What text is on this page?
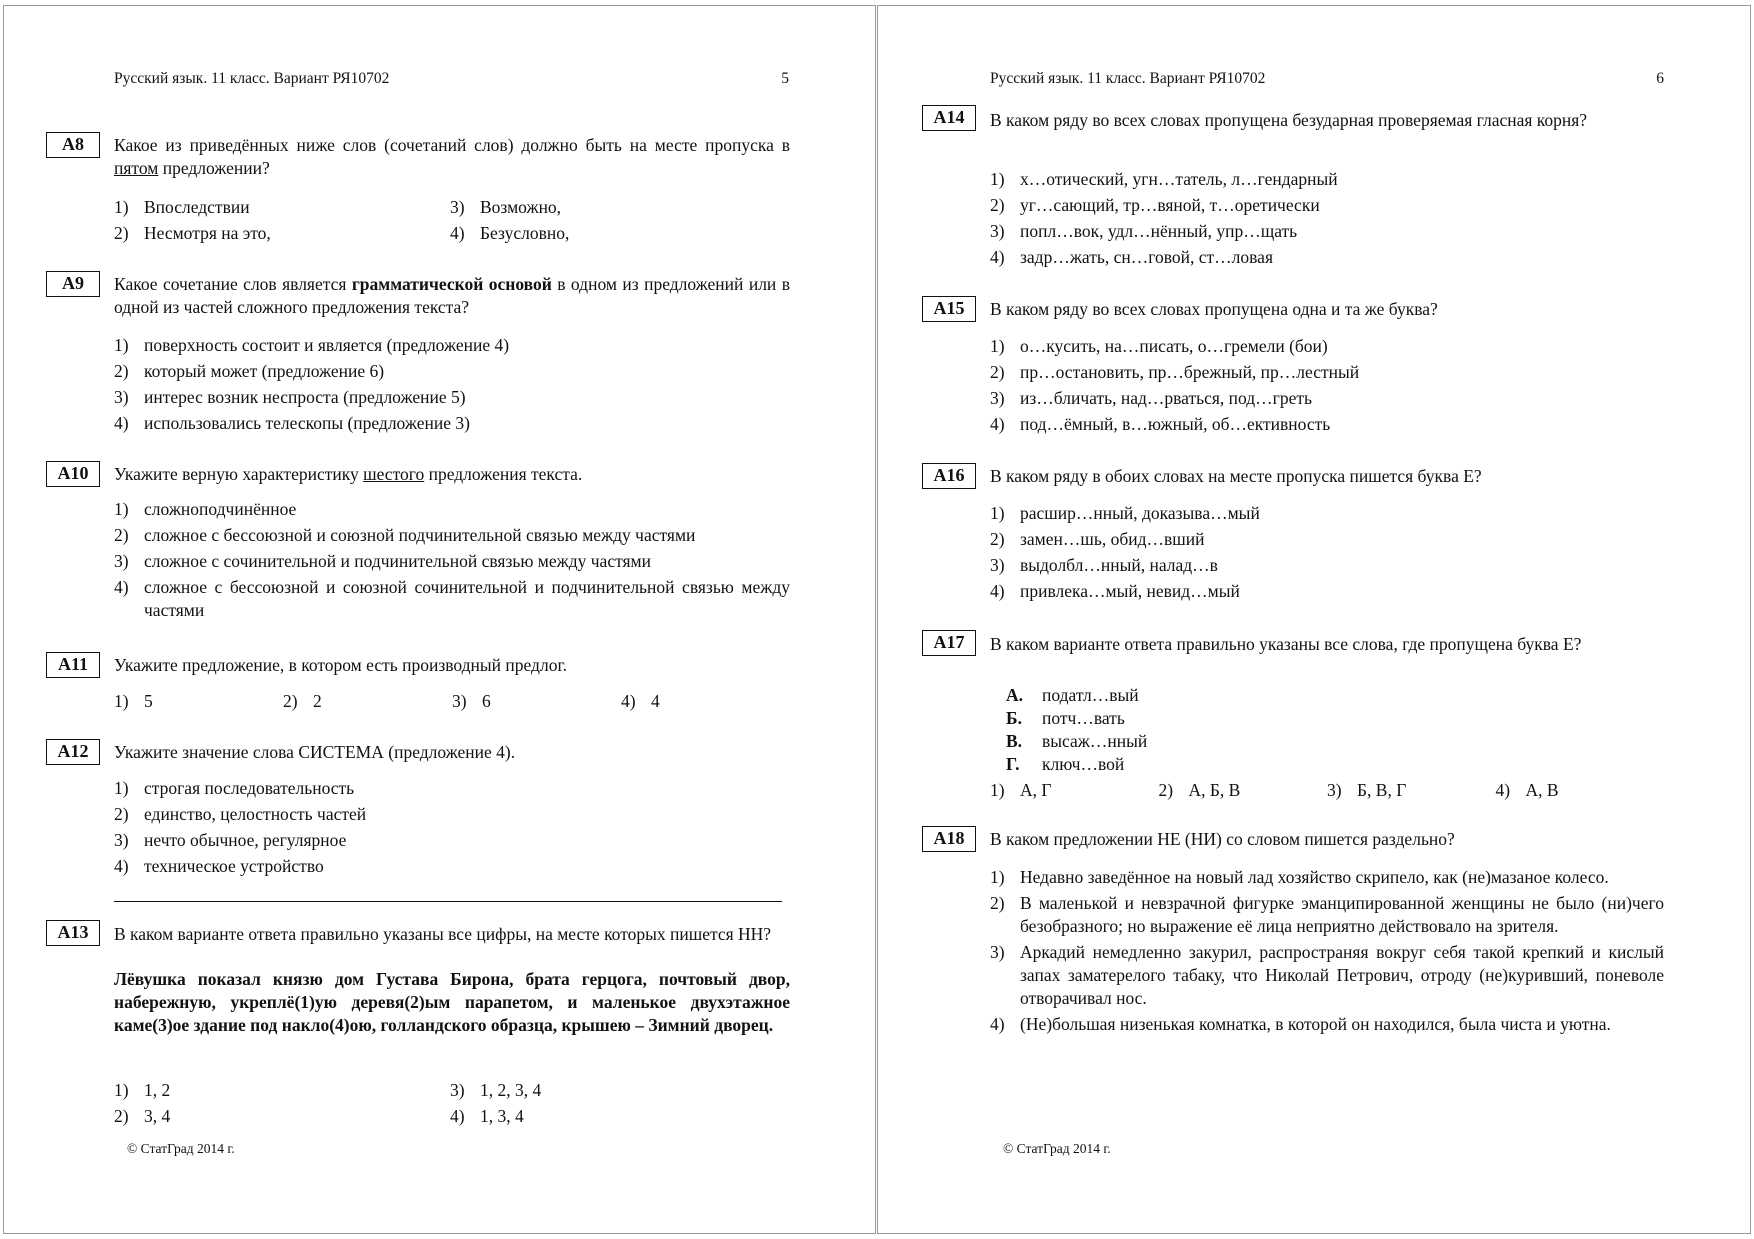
Русский язык. 11 класс. Вариант РЯ10702	5
А8	Какое из приведённых ниже слов (сочетаний слов) должно быть на месте пропуска в пятом предложении?
1) Впоследствии	3) Возможно,
2) Несмотря на это,	4) Безусловно,
А9	Какое сочетание слов является грамматической основой в одном из предложений или в одной из частей сложного предложения текста?
1) поверхность состоит и является (предложение 4)
2) который может (предложение 6)
3) интерес возник неспроста (предложение 5)
4) использовались телескопы (предложение 3)
А10	Укажите верную характеристику шестого предложения текста.
1) сложноподчинённое
2) сложное с бессоюзной и союзной подчинительной связью между частями
3) сложное с сочинительной и подчинительной связью между частями
4) сложное с бессоюзной и союзной сочинительной и подчинительной связью между частями
А11	Укажите предложение, в котором есть производный предлог.
1) 5	2) 2	3) 6	4) 4
А12	Укажите значение слова СИСТЕМА (предложение 4).
1) строгая последовательность
2) единство, целостность частей
3) нечто обычное, регулярное
4) техническое устройство
А13	В каком варианте ответа правильно указаны все цифры, на месте которых пишется НН?
Лёвушка показал князю дом Густава Бирона, брата герцога, почтовый двор, набережную, укреплё(1)ую деревя(2)ым парапетом, и маленькое двухэтажное каме(3)ое здание под накло(4)ою, голландского образца, крышею – Зимний дворец.
1) 1, 2	3) 1, 2, 3, 4
2) 3, 4	4) 1, 3, 4
© СтатГрад 2014 г.
Русский язык. 11 класс. Вариант РЯ10702	6
А14	В каком ряду во всех словах пропущена безударная проверяемая гласная корня?
1) х…отический, угн…татель, л…гендарный
2) уг…сающий, тр…вяной, т…оретически
3) попл…вок, удл…нённый, упр…щать
4) задр…жать, сн…говой, ст…ловая
А15	В каком ряду во всех словах пропущена одна и та же буква?
1) о…кусить, на…писать, о…гремели (бои)
2) пр…остановить, пр…брежный, пр…лестный
3) из…бличать, над…рваться, под…греть
4) под…ёмный, в…южный, об…ективность
А16	В каком ряду в обоих словах на месте пропуска пишется буква Е?
1) расшир…нный, доказыва…мый
2) замен…шь, обид…вший
3) выдолбл…нный, налад…в
4) привлека…мый, невид…мый
А17	В каком варианте ответа правильно указаны все слова, где пропущена буква Е?
А. податл…вый
Б. потч…вать
В. высаж…нный
Г. ключ…вой
1) А, Г	2) А, Б, В	3) Б, В, Г	4) А, В
А18	В каком предложении НЕ (НИ) со словом пишется раздельно?
1) Недавно заведённое на новый лад хозяйство скрипело, как (не)мазаное колесо.
2) В маленькой и невзрачной фигурке эманципированной женщины не было (ни)чего безобразного; но выражение её лица неприятно действовало на зрителя.
3) Аркадий немедленно закурил, распространяя вокруг себя такой крепкий и кислый запах заматерелого табаку, что Николай Петрович, отроду (не)куривший, поневоле отворачивал нос.
4) (Не)большая низенькая комнатка, в которой он находился, была чиста и уютна.
© СтатГрад 2014 г.
